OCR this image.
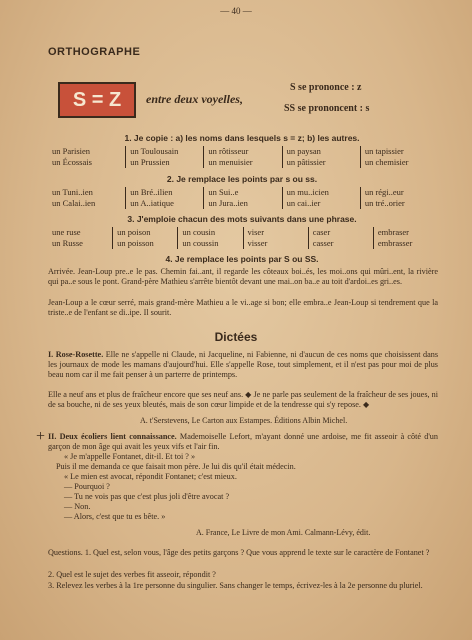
— 40 —
ORTHOGRAPHE
S = Z	entre deux voyelles,
S se prononce : z
SS se prononcent : s
1. Je copie : a) les noms dans lesquels s = z; b) les autres.
un Parisien	un Toulousain	un rôtisseur	un paysan	un tapissier
un Écossais	un Prussien	un menuisier	un pâtissier	un chemisier
2. Je remplace les points par s ou ss.
un Tuni..ien	un Bré..ilien	un Sui..e	un mu..icien	un régi..eur
un Calai..ien	un A..iatique	un Jura..ien	un cai..ier	un tré..orier
3. J'emploie chacun des mots suivants dans une phrase.
une ruse	un poison	un cousin	viser	caser	embraser
un Russe	un poisson	un coussin	visser	casser	embrasser
4. Je remplace les points par S ou SS.
Arrivée. Jean-Loup pre..e le pas. Chemin fai..ant, il regarde les côteaux boi..és, les moi..ons qui mûri..ent, la rivière qui pa..e sous le pont. Grand-père Mathieu s'arrête bientôt devant une mai..on ba..e au toit d'ardoi..es gri..es.
Jean-Loup a le cœur serré, mais grand-mère Mathieu a le vi..age si bon; elle embra..e Jean-Loup si tendrement que la triste..e de l'enfant se di..ipe. Il sourit.
Dictées
I. Rose-Rosette. Elle ne s'appelle ni Claude, ni Jacqueline, ni Fabienne, ni d'aucun de ces noms que choisissent dans les journaux de mode les mamans d'aujourd'hui. Elle s'appelle Rose, tout simplement, et il n'est pas pour moi de plus beau nom car il me fait penser à un parterre de printemps.
Elle a neuf ans et plus de fraîcheur encore que ses neuf ans. ◆ Je ne parle pas seulement de la fraîcheur de ses joues, ni de sa bouche, ni de ses yeux bleutés, mais de son cœur limpide et de la tendresse qui s'y repose. ◆
A. t'Serstevens, Le Carton aux Estampes. Éditions Albin Michel.
+ II. Deux écoliers lient connaissance. Mademoiselle Lefort, m'ayant donné une ardoise, me fit asseoir à côté d'un garçon de mon âge qui avait les yeux vifs et l'air fin.
« Je m'appelle Fontanet, dit-il. Et toi ? »
Puis il me demanda ce que faisait mon père. Je lui dis qu'il était médecin.
« Le mien est avocat, répondit Fontanet; c'est mieux.
— Pourquoi ?
— Tu ne vois pas que c'est plus joli d'être avocat ?
— Non.
— Alors, c'est que tu es bête. »
A. France, Le Livre de mon Ami. Calmann-Lévy, édit.
Questions. 1. Quel est, selon vous, l'âge des petits garçons ? Que vous apprend le texte sur le caractère de Fontanet ?
2. Quel est le sujet des verbes fit asseoir, répondit ?
3. Relevez les verbes à la 1re personne du singulier. Sans changer le temps, écrivez-les à la 2e personne du pluriel.
